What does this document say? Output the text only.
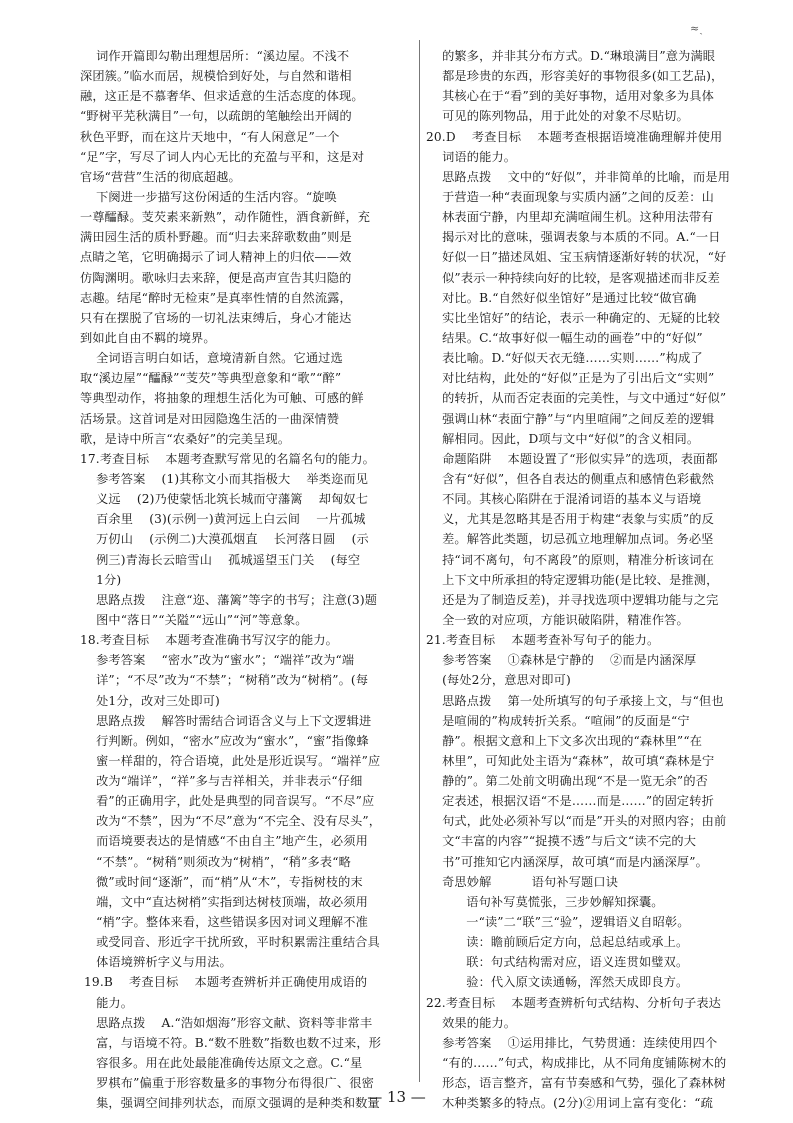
≈ˎ
词作开篇即勾勒出理想居所：“溪边屋。不浅不
深团簇。”临水而居，规模恰到好处，与自然和谐相
融，这正是不慕奢华、但求适意的生活态度的体现。
“野树平芜秋满目”一句，以疏朗的笔触绘出开阔的
秋色平野，而在这片天地中，“有人闲意足”一个
“足”字，写尽了词人内心无比的充盈与平和，这是对
官场“营营”生活的彻底超越。
下阕进一步描写这份闲适的生活内容。“旋唤
一尊醽醁。芰芡素来新熟”，动作随性，酒食新鲜，充
满田园生活的质朴野趣。而“归去来辞歌数曲”则是
点睛之笔，它明确揭示了词人精神上的归依——效
仿陶渊明。歌咏归去来辞，便是高声宣告其归隐的
志趣。结尾“醉时无检束”是真率性情的自然流露，
只有在摆脱了官场的一切礼法束缚后，身心才能达
到如此自由不羁的境界。
全词语言明白如话，意境清新自然。它通过选
取“溪边屋”“醽醁”“芰芡”等典型意象和“歌”“醉”
等典型动作，将抽象的理想生活化为可触、可感的鲜
活场景。这首词是对田园隐逸生活的一曲深情赞
歌，是诗中所言“农桑好”的完美呈现。
17.考查目标    本题考查默写常见的名篇名句的能力。
参考答案    (1)其称文小而其指极大    举类迩而见
义远    (2)乃使蒙恬北筑长城而守藩篱    却匈奴七
百余里    (3)(示例一)黄河远上白云间    一片孤城
万仞山    (示例二)大漠孤烟直    长河落日圆    (示
例三)青海长云暗雪山    孤城遥望玉门关    (每空
1分)
思路点拨    注意“迩、藩篱”等字的书写；注意(3)题
图中“落日”“关隘”“远山”“河”等意象。
18.考查目标    本题考查准确书写汉字的能力。
参考答案    “密水”改为“蜜水”；“端祥”改为“端
详”；“不尽”改为“不禁”；“树稍”改为“树梢”。(每
处1分，改对三处即可)
思路点拨    解答时需结合词语含义与上下文逻辑进
行判断。例如，“密水”应改为“蜜水”，“蜜”指像蜂
蜜一样甜的，符合语境，此处是形近误写。“端祥”应
改为“端详”，“祥”多与吉祥相关，并非表示“仔细
看”的正确用字，此处是典型的同音误写。“不尽”应
改为“不禁”，因为“不尽”意为“不完全、没有尽头”，
而语境要表达的是情感“不由自主”地产生，必须用
“不禁”。“树稍”则须改为“树梢”，“稍”多表“略
微”或时间“逐渐”，而“梢”从“木”，专指树枝的末
端，文中“直达树梢”实指到达树枝顶端，故必须用
“梢”字。整体来看，这些错误多因对词义理解不准
或受同音、形近字干扰所致，平时积累需注重结合具
体语境辨析字义与用法。
19.B    考查目标    本题考查辨析并正确使用成语的
能力。
思路点拨    A.“浩如烟海”形容文献、资料等非常丰
富，与语境不符。B.“数不胜数”指数也数不过来，形
容很多。用在此处最能准确传达原文之意。C.“星
罗棋布”偏重于形容数量多的事物分布得很广、很密
集，强调空间排列状态，而原文强调的是种类和数量
的繁多，并非其分布方式。D.“琳琅满目”意为满眼
都是珍贵的东西，形容美好的事物很多(如工艺品)，
其核心在于“看”到的美好事物，适用对象多为具体
可见的陈列物品，用于此处的对象不尽贴切。
20.D    考查目标    本题考查根据语境准确理解并使用
词语的能力。
思路点拨    文中的“好似”，并非简单的比喻，而是用
于营造一种“表面现象与实质内涵”之间的反差：山
林表面宁静，内里却充满喧闹生机。这种用法带有
揭示对比的意味，强调表象与本质的不同。A.“一日
好似一日”描述凤姐、宝玉病情逐渐好转的状况，“好
似”表示一种持续向好的比较，是客观描述而非反差
对比。B.“自然好似坐馆好”是通过比较“做官确
实比坐馆好”的结论，表示一种确定的、无疑的比较
结果。C.“故事好似一幅生动的画卷”中的“好似”
表比喻。D.“好似天衣无缝……实则……”构成了
对比结构，此处的“好似”正是为了引出后文“实则”
的转折，从而否定表面的完美性，与文中通过“好似”
强调山林“表面宁静”与“内里喧闹”之间反差的逻辑
解相同。因此，D项与文中“好似”的含义相同。
命题陷阱    本题设置了“形似实异”的选项，表面都
含有“好似”，但各自表达的侧重点和感情色彩截然
不同。其核心陷阱在于混淆词语的基本义与语境
义，尤其是忽略其是否用于构建“表象与实质”的反
差。解答此类题，切忌孤立地理解加点词。务必坚
持“词不离句，句不离段”的原则，精准分析该词在
上下文中所承担的特定逻辑功能(是比较、是推测，
还是为了制造反差)，并寻找选项中逻辑功能与之完
全一致的对应项，方能识破陷阱，精准作答。
21.考查目标    本题考查补写句子的能力。
参考答案    ①森林是宁静的    ②而是内涵深厚
(每处2分，意思对即可)
思路点拨    第一处所填写的句子承接上文，与“但也
是喧闹的”构成转折关系。“喧闹”的反面是“宁
静”。根据文意和上下文多次出现的“森林里”“在
林里”，可知此处主语为“森林”，故可填“森林是宁
静的”。第二处前文明确出现“不是一览无余”的否
定表述，根据汉语“不是……而是……”的固定转折
句式，此处必须补写以“而是”开头的对照内容；由前
文“丰富的内容”“捉摸不透”与后文“读不完的大
书”可推知它内涵深厚，故可填“而是内涵深厚”。
奇思妙解          语句补写题口诀
语句补写莫慌张，三步妙解知探囊。
一“读”二“联”三“验”，逻辑语义自昭彰。
读：瞻前顾后定方向，总起总结或承上。
联：句式结构需对应，语义连贯如璧双。
验：代入原文读通畅，浑然天成即良方。
22.考查目标    本题考查辨析句式结构、分析句子表达
效果的能力。
参考答案    ①运用排比，气势贯通：连续使用四个
“有的……”句式，构成排比，从不同角度铺陈树木的
形态，语言整齐，富有节奏感和气势，强化了森林树
木种类繁多的特点。(2分)②用词上富有变化：“疏
— 13 —
